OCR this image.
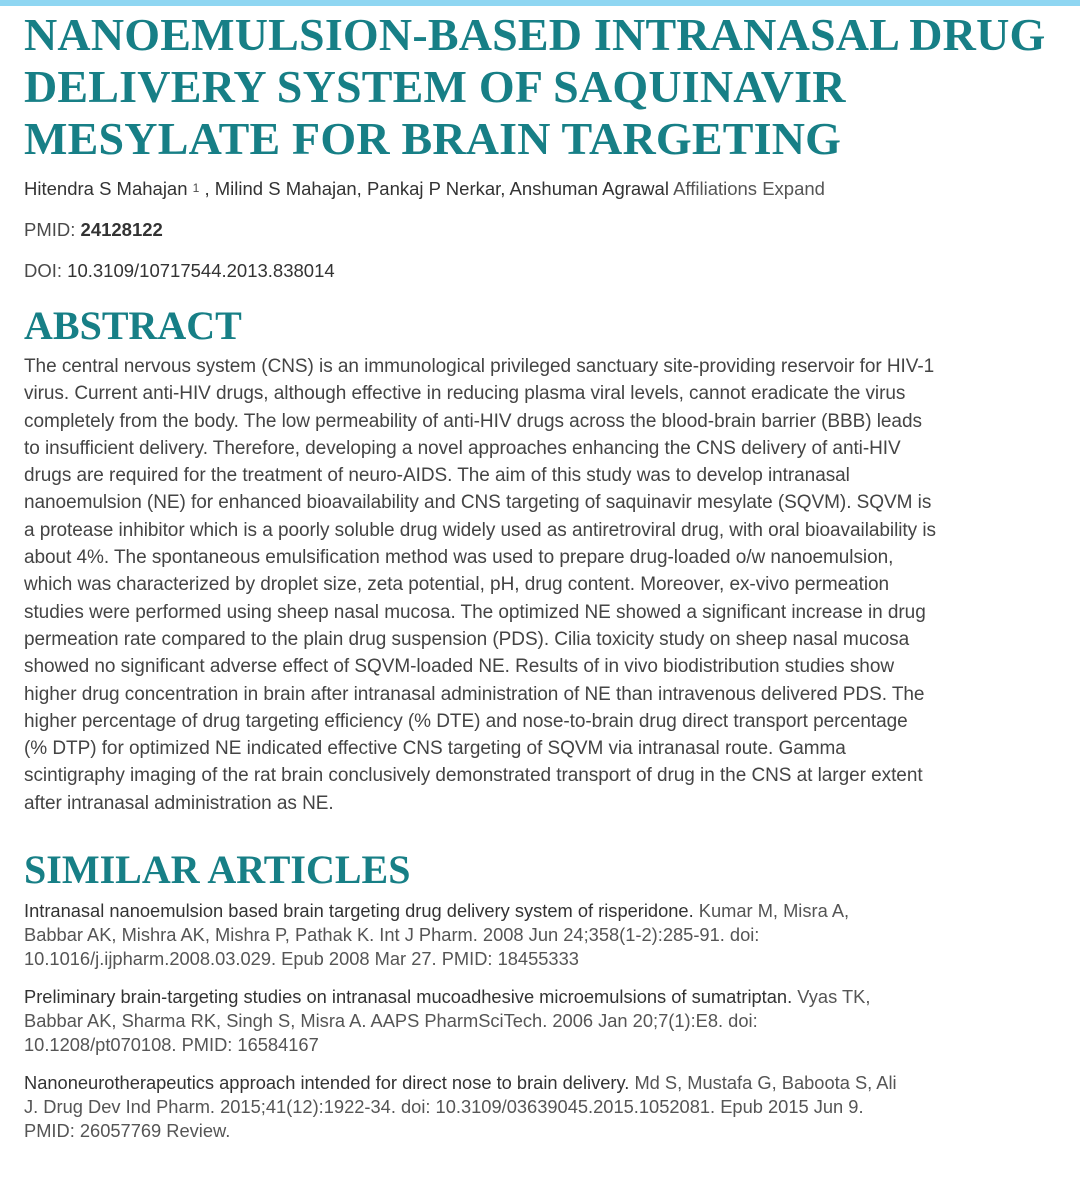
NANOEMULSION-BASED INTRANASAL DRUG DELIVERY SYSTEM OF SAQUINAVIR MESYLATE FOR BRAIN TARGETING
Hitendra S Mahajan $^1$ , Milind S Mahajan, Pankaj P Nerkar, Anshuman Agrawal Affiliations Expand
PMID: 24128122
DOI: 10.3109/10717544.2013.838014
ABSTRACT
The central nervous system (CNS) is an immunological privileged sanctuary site-providing reservoir for HIV-1
virus. Current anti-HIV drugs, although effective in reducing plasma viral levels, cannot eradicate the virus
completely from the body. The low permeability of anti-HIV drugs across the blood-brain barrier (BBB) leads
to insufficient delivery. Therefore, developing a novel approaches enhancing the CNS delivery of anti-HIV
drugs are required for the treatment of neuro-AIDS. The aim of this study was to develop intranasal
nanoemulsion (NE) for enhanced bioavailability and CNS targeting of saquinavir mesylate (SQVM). SQVM is
a protease inhibitor which is a poorly soluble drug widely used as antiretroviral drug, with oral bioavailability is
about 4%. The spontaneous emulsification method was used to prepare drug-loaded o/w nanoemulsion,
which was characterized by droplet size, zeta potential, pH, drug content. Moreover, ex-vivo permeation
studies were performed using sheep nasal mucosa. The optimized NE showed a significant increase in drug
permeation rate compared to the plain drug suspension (PDS). Cilia toxicity study on sheep nasal mucosa
showed no significant adverse effect of SQVM-loaded NE. Results of in vivo biodistribution studies show
higher drug concentration in brain after intranasal administration of NE than intravenous delivered PDS. The
higher percentage of drug targeting efficiency (% DTE) and nose-to-brain drug direct transport percentage
(% DTP) for optimized NE indicated effective CNS targeting of SQVM via intranasal route. Gamma
scintigraphy imaging of the rat brain conclusively demonstrated transport of drug in the CNS at larger extent
after intranasal administration as NE.
SIMILAR ARTICLES
Intranasal nanoemulsion based brain targeting drug delivery system of risperidone. Kumar M, Misra A,
Babbar AK, Mishra AK, Mishra P, Pathak K. Int J Pharm. 2008 Jun 24;358(1-2):285-91. doi:
10.1016/j.ijpharm.2008.03.029. Epub 2008 Mar 27. PMID: 18455333
Preliminary brain-targeting studies on intranasal mucoadhesive microemulsions of sumatriptan. Vyas TK,
Babbar AK, Sharma RK, Singh S, Misra A. AAPS PharmSciTech. 2006 Jan 20;7(1):E8. doi:
10.1208/pt070108. PMID: 16584167
Nanoneurotherapeutics approach intended for direct nose to brain delivery. Md S, Mustafa G, Baboota S, Ali
J. Drug Dev Ind Pharm. 2015;41(12):1922-34. doi: 10.3109/03639045.2015.1052081. Epub 2015 Jun 9.
PMID: 26057769 Review.
